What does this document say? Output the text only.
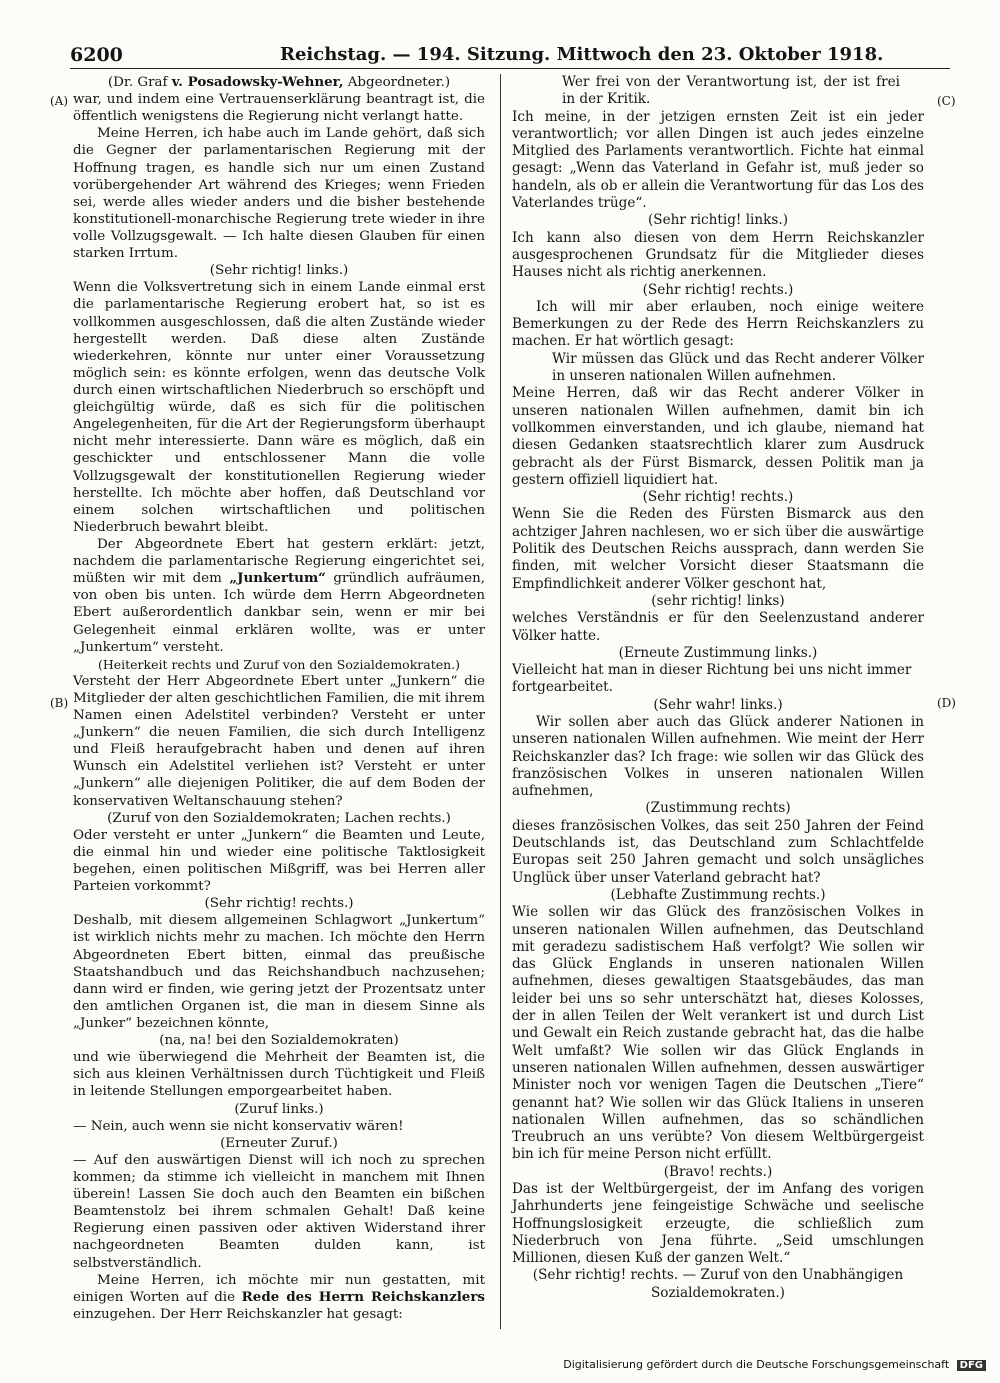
6200	Reichstag. — 194. Sitzung. Mittwoch den 23. Oktober 1918.
(A)
(B)
(C)
(D)

(Dr. Graf v. Posadowsky-Wehner, Abgeordneter.)

war, und indem eine Vertrauenserklärung beantragt ist, die öffentlich wenigstens die Regierung nicht verlangt hatte.

Meine Herren, ich habe auch im Lande gehört, daß sich die Gegner der parlamentarischen Regierung mit der Hoffnung tragen, es handle sich nur um einen Zustand vorübergehender Art während des Krieges; wenn Frieden sei, werde alles wieder anders und die bisher bestehende konstitutionell-monarchische Regierung trete wieder in ihre volle Vollzugsgewalt. — Ich halte diesen Glauben für einen starken Irrtum.

(Sehr richtig! links.)

Wenn die Volksvertretung sich in einem Lande einmal erst die parlamentarische Regierung erobert hat, so ist es vollkommen ausgeschlossen, daß die alten Zustände wieder hergestellt werden. Daß diese alten Zustände wiederkehren, könnte nur unter einer Voraussetzung möglich sein: es könnte erfolgen, wenn das deutsche Volk durch einen wirtschaftlichen Niederbruch so erschöpft und gleichgültig würde, daß es sich für die politischen Angelegenheiten, für die Art der Regierungsform überhaupt nicht mehr interessierte. Dann wäre es möglich, daß ein geschickter und entschlossener Mann die volle Vollzugsgewalt der konstitutionellen Regierung wieder herstellte. Ich möchte aber hoffen, daß Deutschland vor einem solchen wirtschaftlichen und politischen Niederbruch bewahrt bleibt.

Der Abgeordnete Ebert hat gestern erklärt: jetzt, nachdem die parlamentarische Regierung eingerichtet sei, müßten wir mit dem „Junkertum“ gründlich aufräumen, von oben bis unten. Ich würde dem Herrn Abgeordneten Ebert außerordentlich dankbar sein, wenn er mir bei Gelegenheit einmal erklären wollte, was er unter „Junkertum“ versteht.

(Heiterkeit rechts und Zuruf von den Sozialdemokraten.)

Versteht der Herr Abgeordnete Ebert unter „Junkern“ die Mitglieder der alten geschichtlichen Familien, die mit ihrem Namen einen Adelstitel verbinden? Versteht er unter „Junkern“ die neuen Familien, die sich durch Intelligenz und Fleiß heraufgebracht haben und denen auf ihren Wunsch ein Adelstitel verliehen ist? Versteht er unter „Junkern“ alle diejenigen Politiker, die auf dem Boden der konservativen Weltanschauung stehen?

(Zuruf von den Sozialdemokraten; Lachen rechts.)

Oder versteht er unter „Junkern“ die Beamten und Leute, die einmal hin und wieder eine politische Taktlosigkeit begehen, einen politischen Mißgriff, was bei Herren aller Parteien vorkommt?

(Sehr richtig! rechts.)

Deshalb, mit diesem allgemeinen Schlagwort „Junkertum“ ist wirklich nichts mehr zu machen. Ich möchte den Herrn Abgeordneten Ebert bitten, einmal das preußische Staatshandbuch und das Reichshandbuch nachzusehen; dann wird er finden, wie gering jetzt der Prozentsatz unter den amtlichen Organen ist, die man in diesem Sinne als „Junker“ bezeichnen könnte,

(na, na! bei den Sozialdemokraten)

und wie überwiegend die Mehrheit der Beamten ist, die sich aus kleinen Verhältnissen durch Tüchtigkeit und Fleiß in leitende Stellungen emporgearbeitet haben.

(Zuruf links.)

— Nein, auch wenn sie nicht konservativ wären!

(Erneuter Zuruf.)

— Auf den auswärtigen Dienst will ich noch zu sprechen kommen; da stimme ich vielleicht in manchem mit Ihnen überein! Lassen Sie doch auch den Beamten ein bißchen Beamtenstolz bei ihrem schmalen Gehalt! Daß keine Regierung einen passiven oder aktiven Widerstand ihrer nachgeordneten Beamten dulden kann, ist selbstverständlich.

Meine Herren, ich möchte mir nun gestatten, mit einigen Worten auf die Rede des Herrn Reichskanzlers einzugehen. Der Herr Reichskanzler hat gesagt:

Wer frei von der Verantwortung ist, der ist frei in der Kritik.

Ich meine, in der jetzigen ernsten Zeit ist ein jeder verantwortlich; vor allen Dingen ist auch jedes einzelne Mitglied des Parlaments verantwortlich. Fichte hat einmal gesagt: „Wenn das Vaterland in Gefahr ist, muß jeder so handeln, als ob er allein die Verantwortung für das Los des Vaterlandes trüge“.

(Sehr richtig! links.)

Ich kann also diesen von dem Herrn Reichskanzler ausgesprochenen Grundsatz für die Mitglieder dieses Hauses nicht als richtig anerkennen.

(Sehr richtig! rechts.)

Ich will mir aber erlauben, noch einige weitere Bemerkungen zu der Rede des Herrn Reichskanzlers zu machen. Er hat wörtlich gesagt:

Wir müssen das Glück und das Recht anderer Völker in unseren nationalen Willen aufnehmen.

Meine Herren, daß wir das Recht anderer Völker in unseren nationalen Willen aufnehmen, damit bin ich vollkommen einverstanden, und ich glaube, niemand hat diesen Gedanken staatsrechtlich klarer zum Ausdruck gebracht als der Fürst Bismarck, dessen Politik man ja gestern offiziell liquidiert hat.

(Sehr richtig! rechts.)

Wenn Sie die Reden des Fürsten Bismarck aus den achtziger Jahren nachlesen, wo er sich über die auswärtige Politik des Deutschen Reichs aussprach, dann werden Sie finden, mit welcher Vorsicht dieser Staatsmann die Empfindlichkeit anderer Völker geschont hat,

(sehr richtig! links)

welches Verständnis er für den Seelenzustand anderer Völker hatte.

(Erneute Zustimmung links.)

Vielleicht hat man in dieser Richtung bei uns nicht immer fortgearbeitet.

(Sehr wahr! links.)

Wir sollen aber auch das Glück anderer Nationen in unseren nationalen Willen aufnehmen. Wie meint der Herr Reichskanzler das? Ich frage: wie sollen wir das Glück des französischen Volkes in unseren nationalen Willen aufnehmen,

(Zustimmung rechts)

dieses französischen Volkes, das seit 250 Jahren der Feind Deutschlands ist, das Deutschland zum Schlachtfelde Europas seit 250 Jahren gemacht und solch unsägliches Unglück über unser Vaterland gebracht hat?

(Lebhafte Zustimmung rechts.)

Wie sollen wir das Glück des französischen Volkes in unseren nationalen Willen aufnehmen, das Deutschland mit geradezu sadistischem Haß verfolgt? Wie sollen wir das Glück Englands in unseren nationalen Willen aufnehmen, dieses gewaltigen Staatsgebäudes, das man leider bei uns so sehr unterschätzt hat, dieses Kolosses, der in allen Teilen der Welt verankert ist und durch List und Gewalt ein Reich zustande gebracht hat, das die halbe Welt umfaßt? Wie sollen wir das Glück Englands in unseren nationalen Willen aufnehmen, dessen auswärtiger Minister noch vor wenigen Tagen die Deutschen „Tiere“ genannt hat? Wie sollen wir das Glück Italiens in unseren nationalen Willen aufnehmen, das so schändlichen Treubruch an uns verübte? Von diesem Weltbürgergeist bin ich für meine Person nicht erfüllt.

(Bravo! rechts.)

Das ist der Weltbürgergeist, der im Anfang des vorigen Jahrhunderts jene feingeistige Schwäche und seelische Hoffnungslosigkeit erzeugte, die schließlich zum Niederbruch von Jena führte. „Seid umschlungen Millionen, diesen Kuß der ganzen Welt.“

(Sehr richtig! rechts. — Zuruf von den Unabhängigen Sozialdemokraten.)

Digitalisierung gefördert durch die Deutsche Forschungsgemeinschaft DFG
